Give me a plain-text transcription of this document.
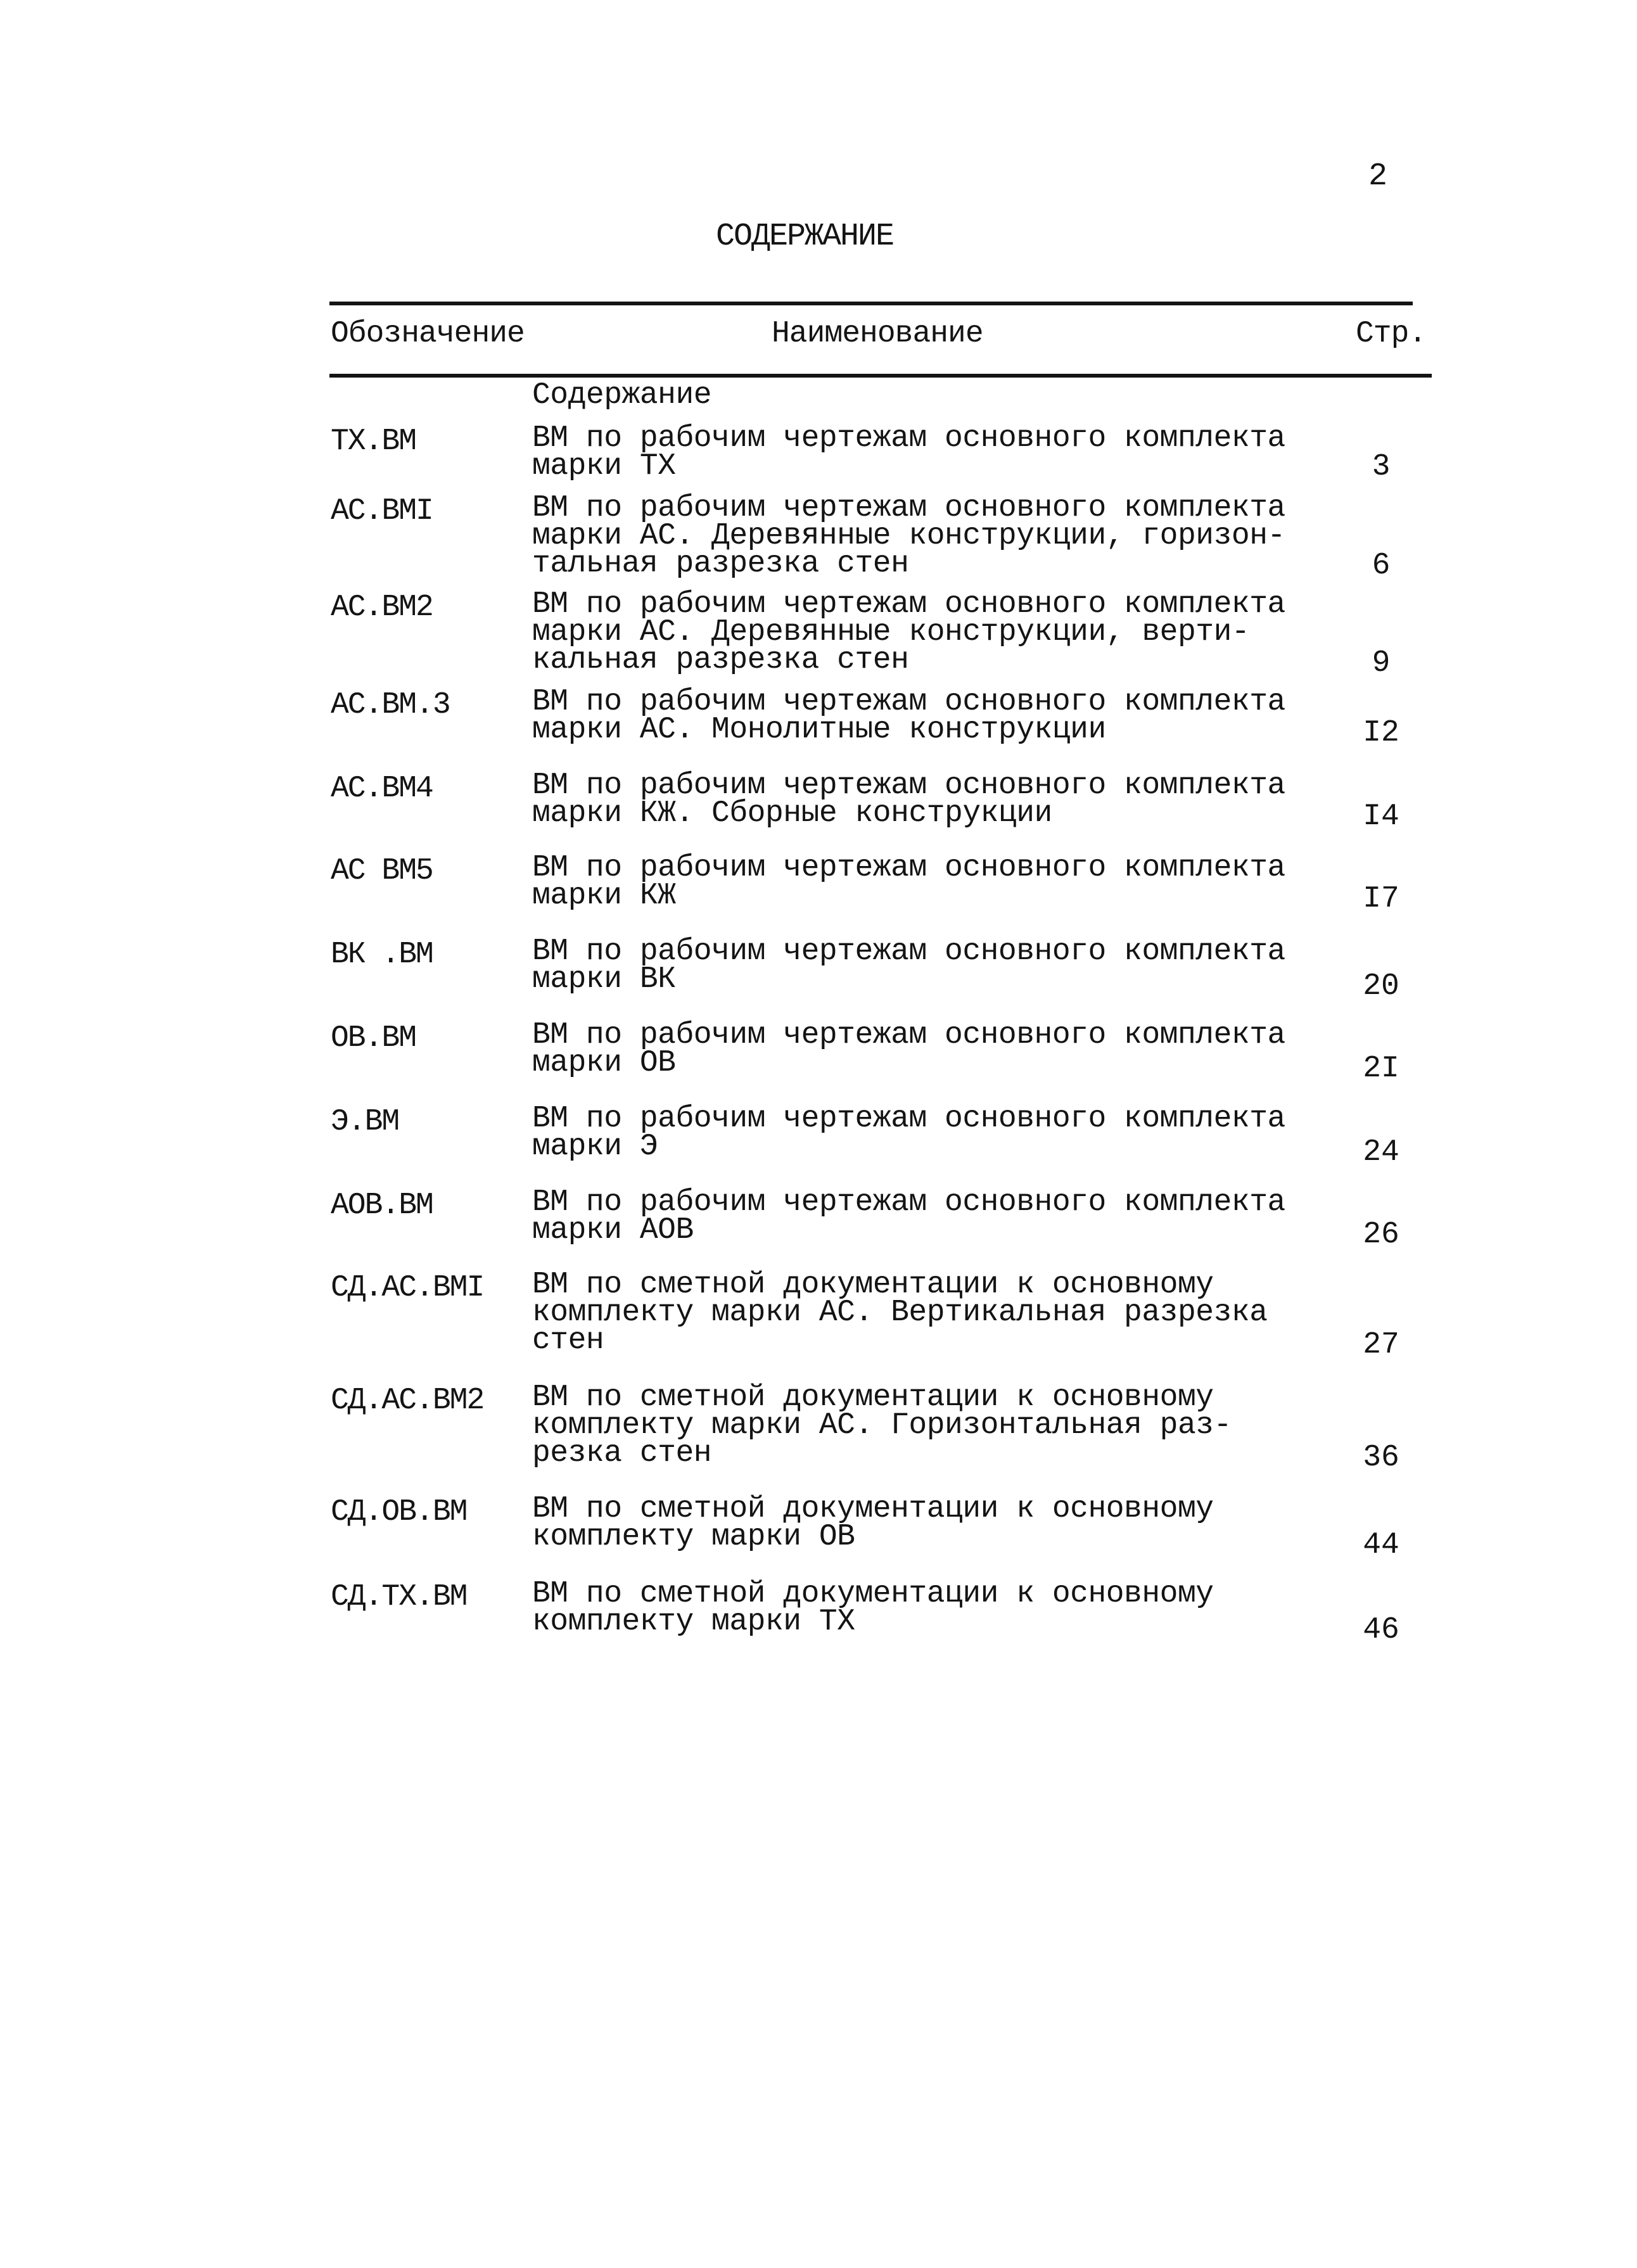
2
СОДЕРЖАНИЕ
Обозначение	Наименование	Стр.
Содержание
ТХ.ВМ	ВМ по рабочим чертежам основного комплекта
марки ТХ	3
АС.ВМI	ВМ по рабочим чертежам основного комплекта
марки АС. Деревянные конструкции, горизон-
тальная разрезка стен	6
АС.ВМ2	ВМ по рабочим чертежам основного комплекта
марки АС. Деревянные конструкции, верти-
кальная разрезка стен	9
АС.ВМ.3	ВМ по рабочим чертежам основного комплекта
марки АС. Монолитные конструкции	I2
АС.ВМ4	ВМ по рабочим чертежам основного комплекта
марки КЖ. Сборные конструкции	I4
АС ВМ5	ВМ по рабочим чертежам основного комплекта
марки КЖ	I7
ВК .ВМ	ВМ по рабочим чертежам основного комплекта
марки ВК	20
ОВ.ВМ	ВМ по рабочим чертежам основного комплекта
марки ОВ	2I
Э.ВМ	ВМ по рабочим чертежам основного комплекта
марки Э	24
АОВ.ВМ	ВМ по рабочим чертежам основного комплекта
марки АОВ	26
СД.АС.ВМI ВМ по сметной документации к основному
комплекту марки АС. Вертикальная разрезка
стен	27
СД.АС.ВМ2 ВМ по сметной документации к основному
комплекту марки АС. Горизонтальная раз-
резка стен	36
СД.ОВ.ВМ ВМ по сметной документации к основному
комплекту марки ОВ	44
СД.ТХ.ВМ ВМ по сметной документации к основному
комплекту марки ТХ	46
